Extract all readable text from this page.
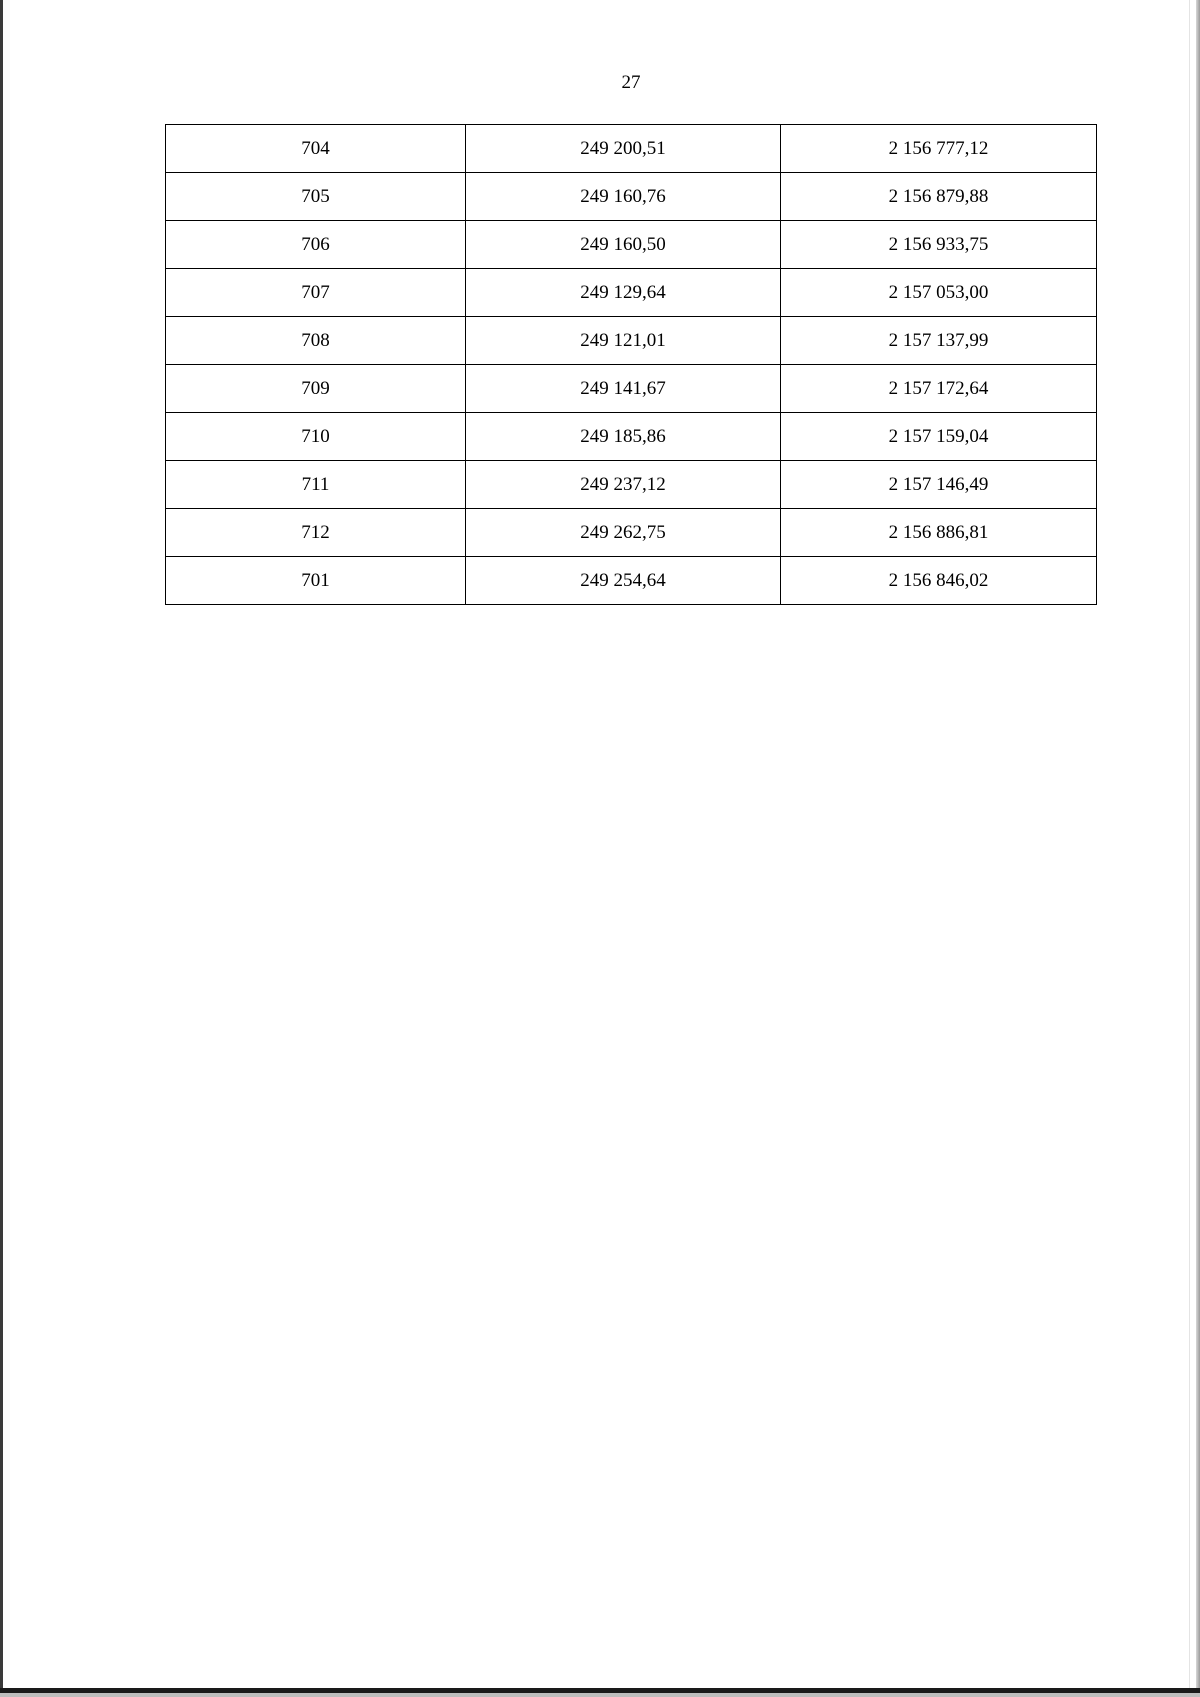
27
704	249 200,51	2 156 777,12
705	249 160,76	2 156 879,88
706	249 160,50	2 156 933,75
707	249 129,64	2 157 053,00
708	249 121,01	2 157 137,99
709	249 141,67	2 157 172,64
710	249 185,86	2 157 159,04
711	249 237,12	2 157 146,49
712	249 262,75	2 156 886,81
701	249 254,64	2 156 846,02
